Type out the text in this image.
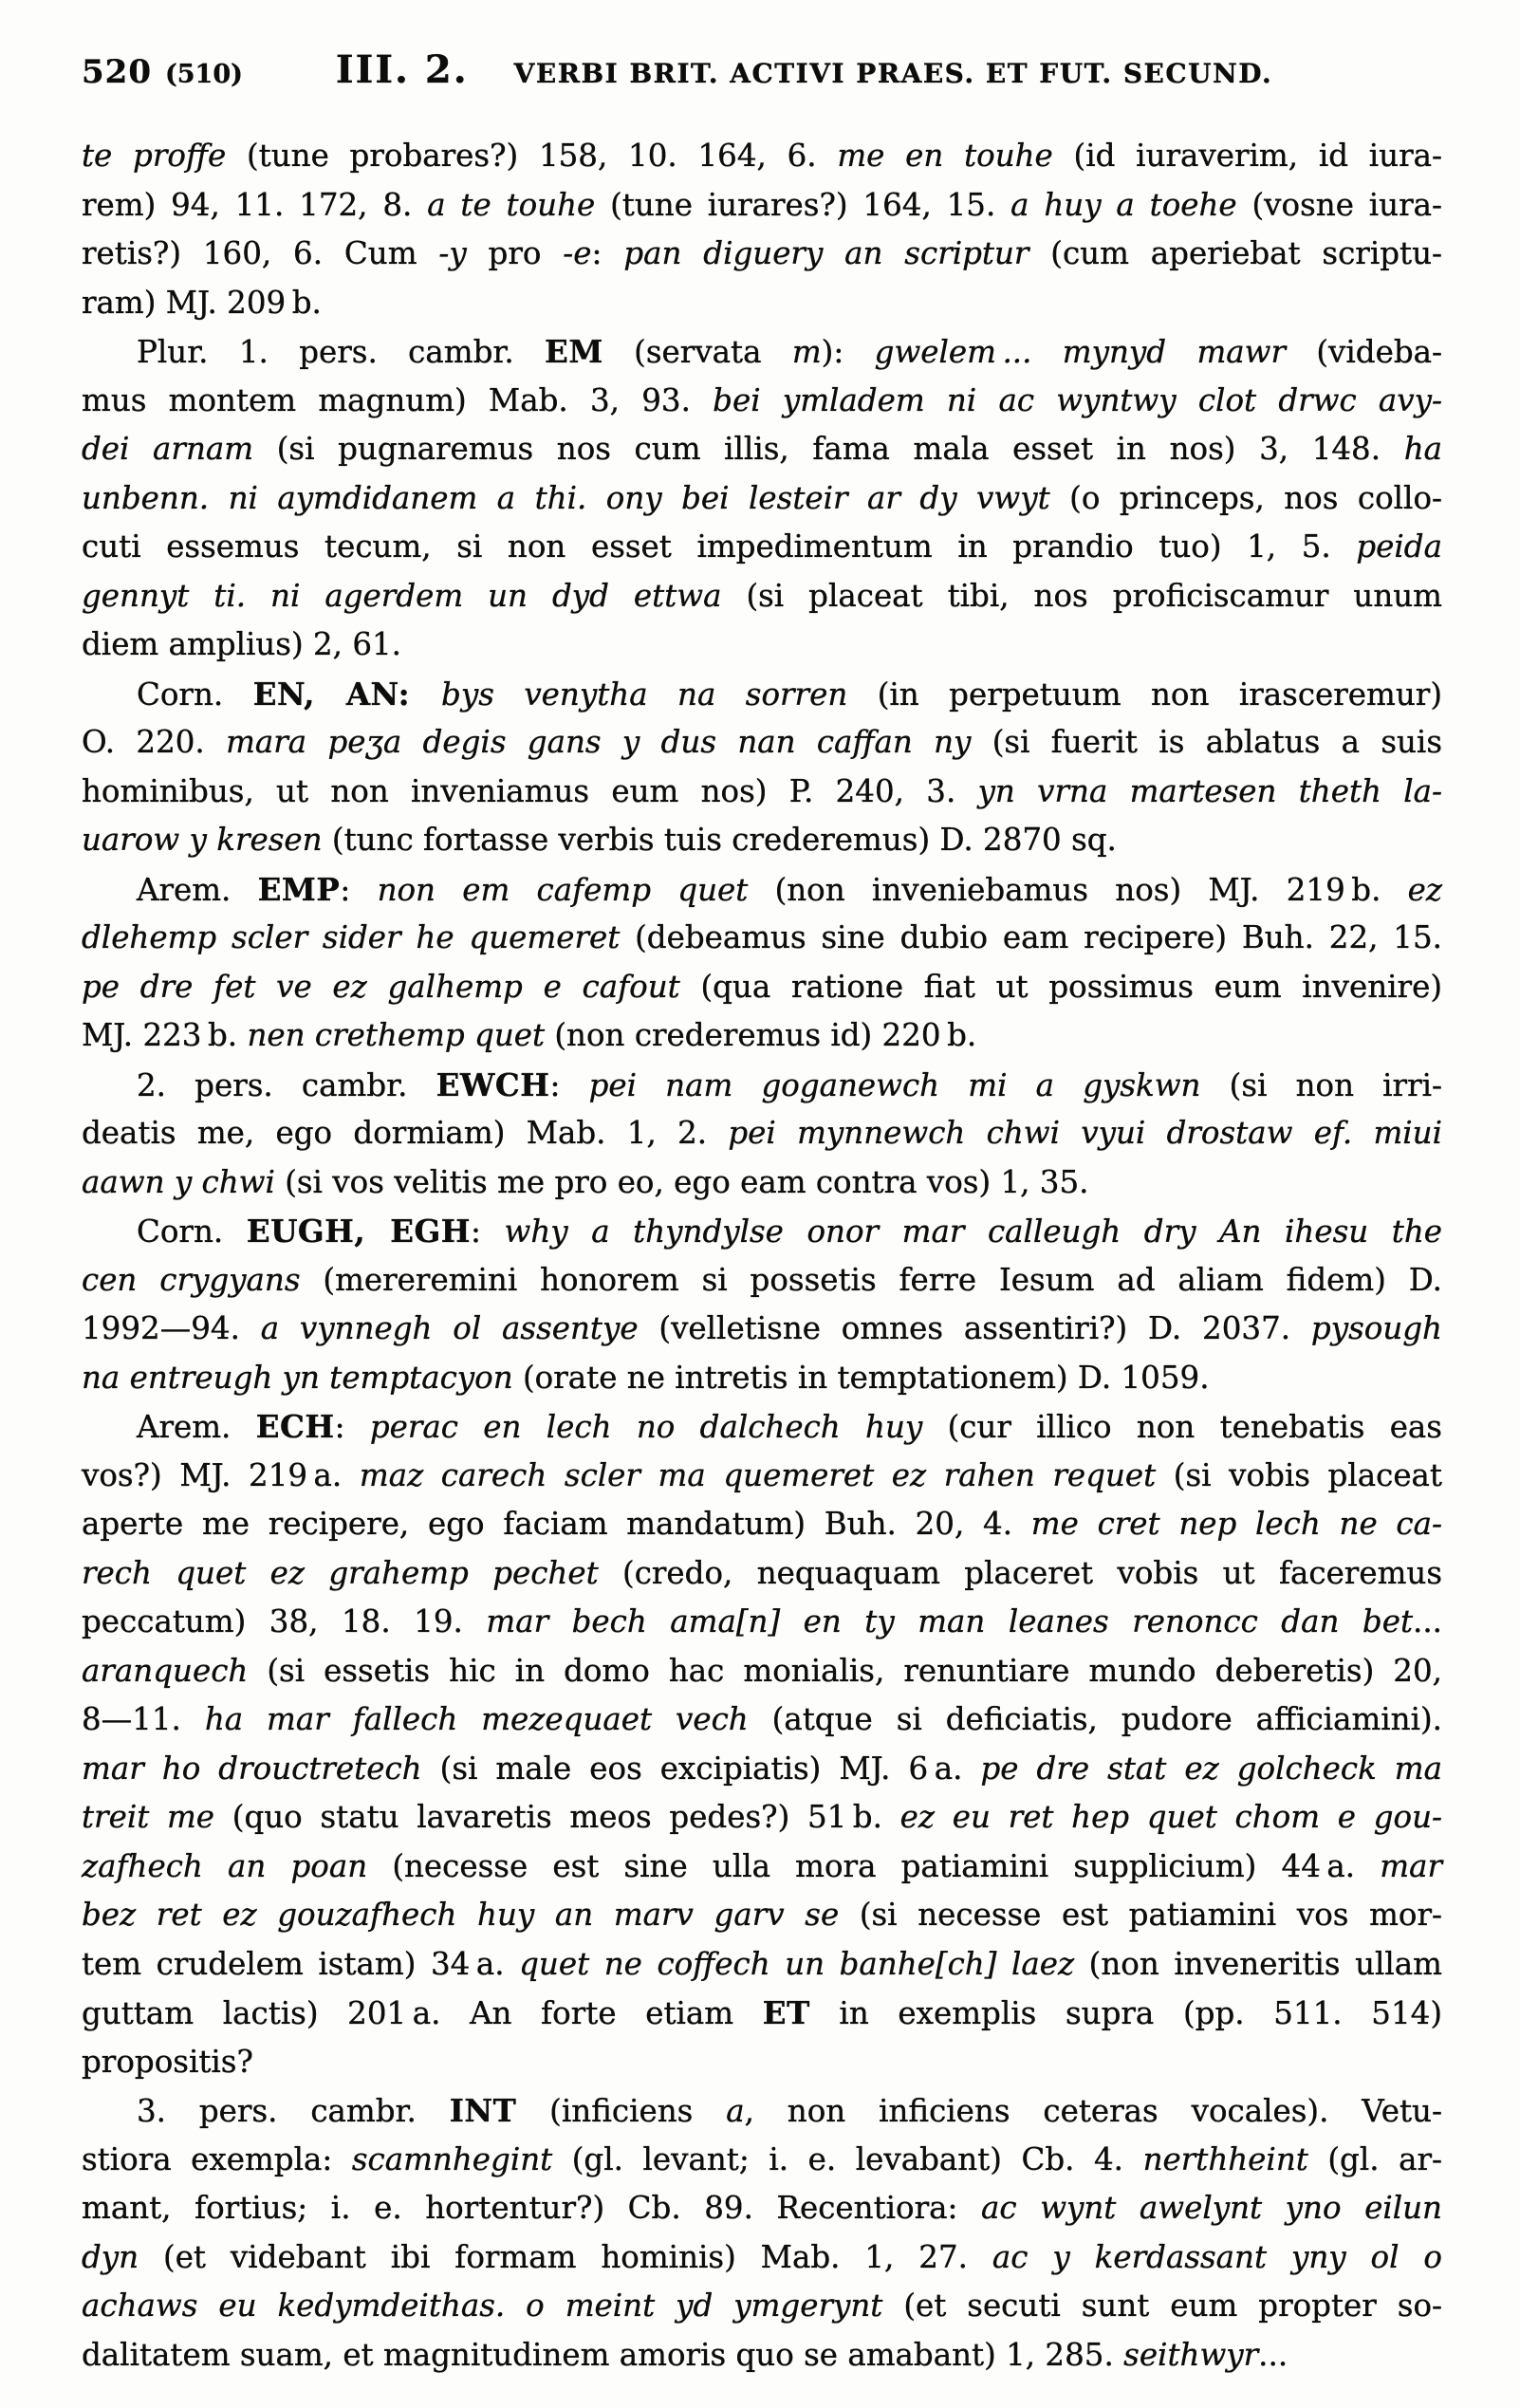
520 (510) III. 2. VERBI BRIT. ACTIVI PRAES. ET FUT. SECUND.
te proffe (tune probares?) 158, 10. 164, 6. me en touhe (id iuraverim, id iura-
rem) 94, 11. 172, 8. a te touhe (tune iurares?) 164, 15. a huy a toehe (vosne iura-
retis?) 160, 6. Cum -y pro -e: pan diguery an scriptur (cum aperiebat scriptu-
ram) MJ. 209 b.
Plur. 1. pers. cambr. EM (servata m): gwelem ... mynyd mawr (videba-
mus montem magnum) Mab. 3, 93. bei ymladem ni ac wyntwy clot drwc avy-
dei arnam (si pugnaremus nos cum illis, fama mala esset in nos) 3, 148. ha
unbenn. ni aymdidanem a thi. ony bei lesteir ar dy vwyt (o princeps, nos collo-
cuti essemus tecum, si non esset impedimentum in prandio tuo) 1, 5. peida
gennyt ti. ni agerdem un dyd ettwa (si placeat tibi, nos proficiscamur unum
diem amplius) 2, 61.
Corn. EN, AN: bys venytha na sorren (in perpetuum non irasceremur)
O. 220. mara peʒa degis gans y dus nan caffan ny (si fuerit is ablatus a suis
hominibus, ut non inveniamus eum nos) P. 240, 3. yn vrna martesen theth la-
uarow y kresen (tunc fortasse verbis tuis crederemus) D. 2870 sq.
Arem. EMP: non em cafemp quet (non inveniebamus nos) MJ. 219 b. ez
dlehemp scler sider he quemeret (debeamus sine dubio eam recipere) Buh. 22, 15.
pe dre fet ve ez galhemp e cafout (qua ratione fiat ut possimus eum invenire)
MJ. 223 b. nen crethemp quet (non crederemus id) 220 b.
2. pers. cambr. EWCH: pei nam goganewch mi a gyskwn (si non irri-
deatis me, ego dormiam) Mab. 1, 2. pei mynnewch chwi vyui drostaw ef. miui
aawn y chwi (si vos velitis me pro eo, ego eam contra vos) 1, 35.
Corn. EUGH, EGH: why a thyndylse onor mar calleugh dry An ihesu the
cen crygyans (mereremini honorem si possetis ferre Iesum ad aliam fidem) D.
1992—94. a vynnegh ol assentye (velletisne omnes assentiri?) D. 2037. pysough
na entreugh yn temptacyon (orate ne intretis in temptationem) D. 1059.
Arem. ECH: perac en lech no dalchech huy (cur illico non tenebatis eas
vos?) MJ. 219 a. maz carech scler ma quemeret ez rahen requet (si vobis placeat
aperte me recipere, ego faciam mandatum) Buh. 20, 4. me cret nep lech ne ca-
rech quet ez grahemp pechet (credo, nequaquam placeret vobis ut faceremus
peccatum) 38, 18. 19. mar bech ama[n] en ty man leanes renoncc dan bet...
aranquech (si essetis hic in domo hac monialis, renuntiare mundo deberetis) 20,
8—11. ha mar fallech mezequaet vech (atque si deficiatis, pudore afficiamini).
mar ho drouctretech (si male eos excipiatis) MJ. 6 a. pe dre stat ez golcheck ma
treit me (quo statu lavaretis meos pedes?) 51 b. ez eu ret hep quet chom e gou-
zafhech an poan (necesse est sine ulla mora patiamini supplicium) 44 a. mar
bez ret ez gouzafhech huy an marv garv se (si necesse est patiamini vos mor-
tem crudelem istam) 34 a. quet ne coffech un banhe[ch] laez (non inveneritis ullam
guttam lactis) 201 a. An forte etiam ET in exemplis supra (pp. 511. 514)
propositis?
3. pers. cambr. INT (inficiens a, non inficiens ceteras vocales). Vetu-
stiora exempla: scamnhegint (gl. levant; i. e. levabant) Cb. 4. nerthheint (gl. ar-
mant, fortius; i. e. hortentur?) Cb. 89. Recentiora: ac wynt awelynt yno eilun
dyn (et videbant ibi formam hominis) Mab. 1, 27. ac y kerdassant yny ol o
achaws eu kedymdeithas. o meint yd ymgerynt (et secuti sunt eum propter so-
dalitatem suam, et magnitudinem amoris quo se amabant) 1, 285. seithwyr...
